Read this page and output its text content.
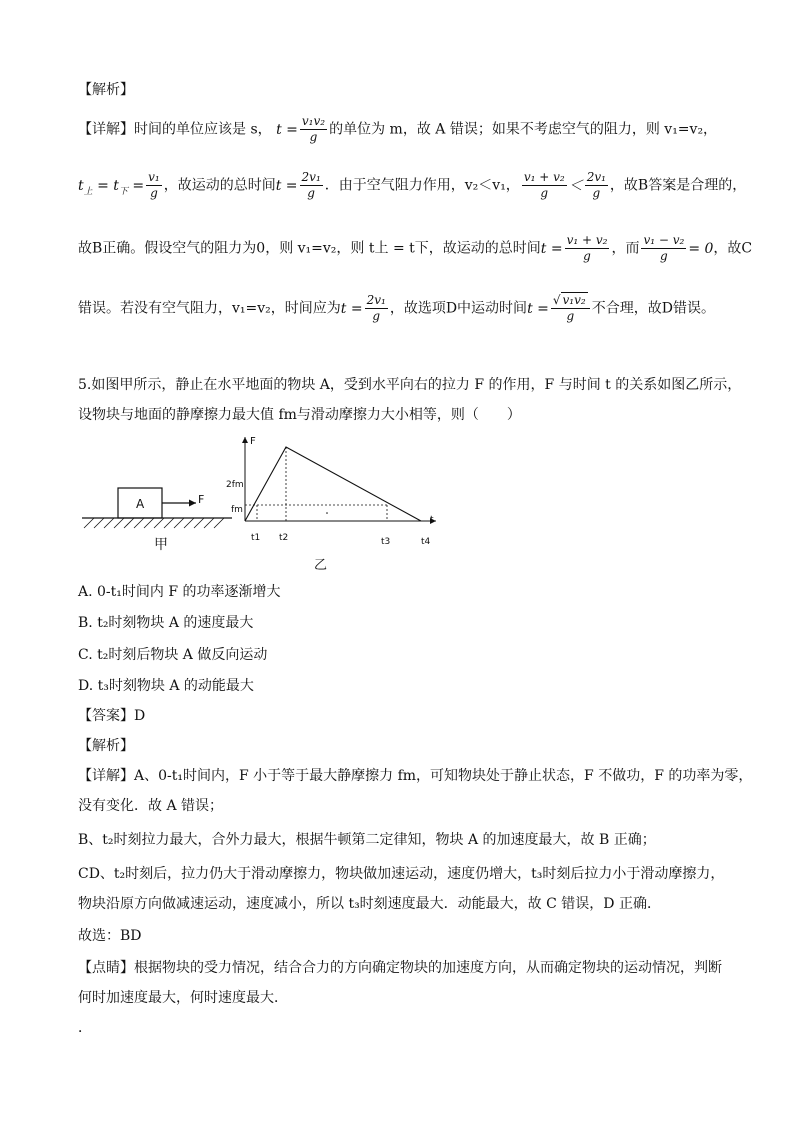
【解析】
【详解】时间的单位应该是 s， $t = \frac{\text{v₁v₂}}{g}$ 的单位为 m，故 A 错误；如果不考虑空气的阻力，则 v₁=v₂，
$t_上 = t_下 = \frac{\text{v₁}}{g}$ ，故运动的总时间$t = \frac{\text{2v₁}}{g}$ ．由于空气阻力作用，v₂＜v₁， $\frac{\text{v₁ + v₂}}{g} < \frac{\text{2v₁}}{g}$ ，故B答案是合理的，
故B正确。假设空气的阻力为0，则 v₁=v₂，则 t上 = t下，故运动的总时间$t = \frac{\text{v₁ + v₂}}{g}$ ，而 $\frac{\text{v₁ − v₂}}{g} = 0$，故C
错误。若没有空气阻力，v₁=v₂，时间应为$t = \frac{\text{2v₁}}{g}$ ，故选项D中运动时间$t = \frac{\text{√ v₁v₂}}{g}$ 不合理，故D错误。
5.如图甲所示，静止在水平地面的物块 A，受到水平向右的拉力 F 的作用，F 与时间 t 的关系如图乙所示，
设物块与地面的静摩擦力最大值 fm与滑动摩擦力大小相等，则（　　）
A	F
甲
F
t
2fm
fm
t1 t2	t3	t4
乙
A. 0-t₁时间内 F 的功率逐渐增大
B. t₂时刻物块 A 的速度最大
C. t₂时刻后物块 A 做反向运动
D. t₃时刻物块 A 的动能最大
【答案】D
【解析】
【详解】A、0-t₁时间内，F 小于等于最大静摩擦力 fm，可知物块处于静止状态，F 不做功，F 的功率为零，
没有变化．故 A 错误；
B、t₂时刻拉力最大，合外力最大，根据牛顿第二定律知，物块 A 的加速度最大，故 B 正确；
CD、t₂时刻后，拉力仍大于滑动摩擦力，物块做加速运动，速度仍增大，t₃时刻后拉力小于滑动摩擦力，
物块沿原方向做减速运动，速度减小，所以 t₃时刻速度最大．动能最大，故 C 错误，D 正确．
故选：BD
【点睛】根据物块的受力情况，结合合力的方向确定物块的加速度方向，从而确定物块的运动情况，判断
何时加速度最大，何时速度最大．
．
